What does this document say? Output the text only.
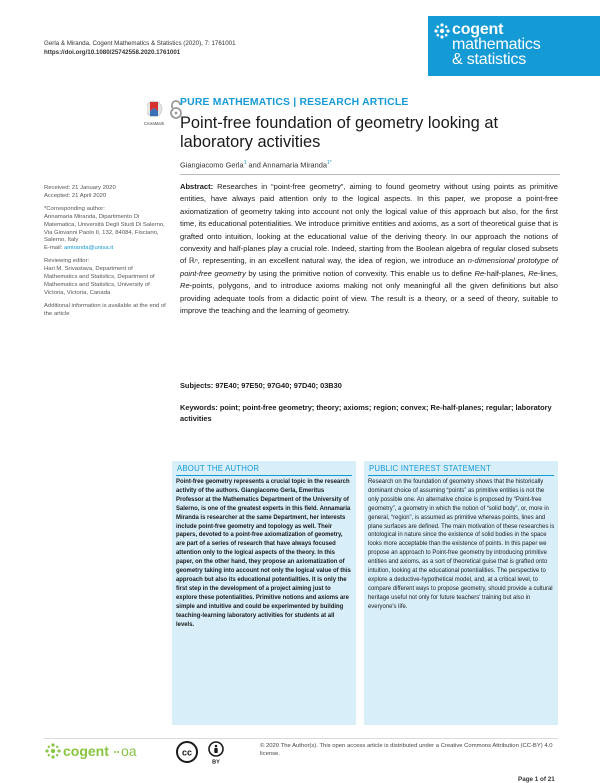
Gerla & Miranda, Cogent Mathematics & Statistics (2020), 7: 1761001
https://doi.org/10.1080/25742558.2020.1761001
cogent
mathematics
& statistics
CrossMark
PURE MATHEMATICS | RESEARCH ARTICLE
Point-free foundation of geometry looking at laboratory activities
Giangiacomo Gerla$^1$ and Annamaria Miranda$^{1*}$

Received: 21 January 2020
Accepted: 21 April 2020

*Corresponding author:
Annamaria Miranda, Dipartimento Di Matematica, Università Degli Studi Di Salerno, Via Giovanni Paolo II, 132, 84084, Fisciano, Salerno, Italy
E-mail: amiranda@unisa.it

Reviewing editor:
Hari M. Srivastava, Department of Mathematics and Statistics, Department of Mathematics and Statistics, University of Victoria, Victoria, Canada

Additional information is available at the end of the article

Abstract: Researches in “point-free geometry”, aiming to found geometry without using points as primitive entities, have always paid attention only to the logical aspects. In this paper, we propose a point-free axiomatization of geometry taking into account not only the logical value of this approach but also, for the first time, its educational potentialities. We introduce primitive entities and axioms, as a sort of theoretical guise that is grafted onto intuition, looking at the educational value of the deriving theory. In our approach the notions of convexity and half-planes play a crucial role. Indeed, starting from the Boolean algebra of regular closed subsets of ℝⁿ, representing, in an excellent natural way, the idea of region, we introduce an n-dimensional prototype of point-free geometry by using the primitive notion of convexity. This enable us to define Re-half-planes, Re-lines, Re-points, polygons, and to introduce axioms making not only meaningful all the given definitions but also providing adequate tools from a didactic point of view. The result is a theory, or a seed of theory, suitable to improve the teaching and the learning of geometry.
Subjects: 97E40; 97E50; 97G40; 97D40; 03B30
Keywords: point; point-free geometry; theory; axioms; region; convex; Re-half-planes; regular; laboratory activities
ABOUT THE AUTHOR
Point-free geometry represents a crucial topic in the research activity of the authors. Giangiacomo Gerla, Emeritus Professor at the Mathematics Department of the University of Salerno, is one of the greatest experts in this field. Annamaria Miranda is researcher at the same Department, her interests include point-free geometry and topology as well. Their papers, devoted to a point-free axiomatization of geometry, are part of a series of research that have always focused attention only to the logical aspects of the theory. In this paper, on the other hand, they propose an axiomatization of geometry taking into account not only the logical value of this approach but also its educational potentialities. It is only the first step in the development of a project aiming just to explore these potentialities. Primitive notions and axioms are simple and intuitive and could be experimented by building teaching-learning laboratory activities for students at all levels.
PUBLIC INTEREST STATEMENT
Research on the foundation of geometry shows that the historically dominant choice of assuming “points” as primitive entities is not the only possible one. An alternative choice is proposed by “Point-free geometry”, a geometry in which the notion of “solid body”, or, more in general, “region”, is assumed as primitive whereas points, lines and plane surfaces are defined. The main motivation of these researches is ontological in nature since the existence of solid bodies in the space looks more acceptable than the existence of points. In this paper we propose an approach to Point-free geometry by introducing primitive entities and axioms, as a sort of theoretical guise that is grafted onto intuition, looking at the educational potentialities. The perspective to explore a deductive-hypothetical model, and, at a critical level, to compare different ways to propose geometry, should provide a cultural heritage useful not only for future teachers' training but also in everyone's life.
cogent oa	cc
BY
© 2020 The Author(s). This open access article is distributed under a Creative Commons Attribution (CC-BY) 4.0 license.
Page 1 of 21
